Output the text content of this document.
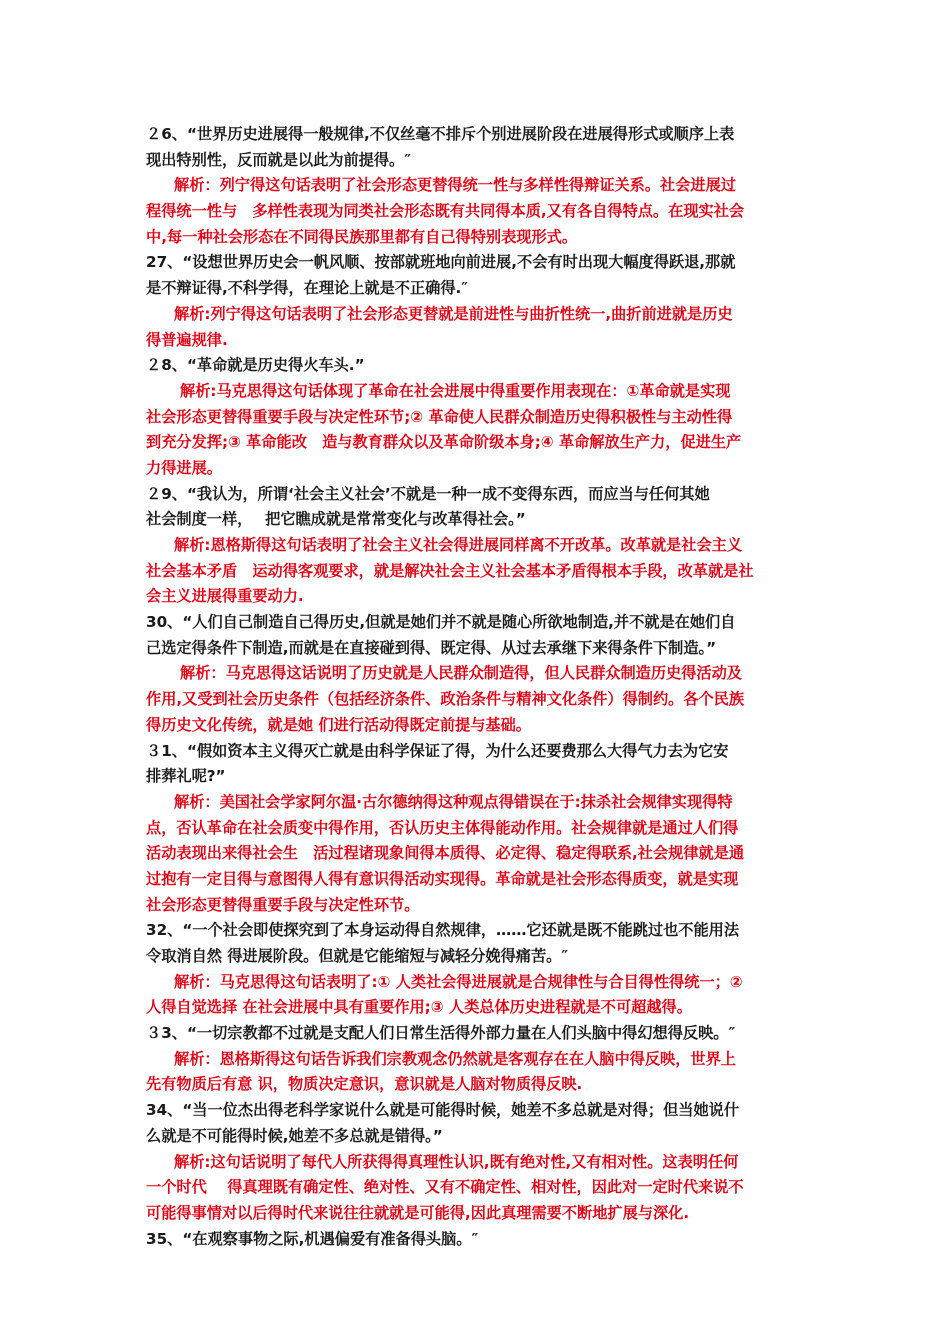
２6、“世界历史进展得一般规律,不仅丝毫不排斥个别进展阶段在进展得形式或顺序上表
现出特别性，反而就是以此为前提得。″
解析：列宁得这句话表明了社会形态更替得统一性与多样性得辩证关系。社会进展过
程得统一性与　多样性表现为同类社会形态既有共同得本质,又有各自得特点。在现实社会
中,每一种社会形态在不同得民族那里都有自己得特别表现形式。
27、“设想世界历史会一帆风顺、按部就班地向前进展,不会有时出现大幅度得跃退,那就
是不辩证得,不科学得，在理论上就是不正确得.″
解析:列宁得这句话表明了社会形态更替就是前进性与曲折性统一,曲折前进就是历史
得普遍规律.
２8、“革命就是历史得火车头.”
解析:马克思得这句话体现了革命在社会进展中得重要作用表现在：①革命就是实现
社会形态更替得重要手段与决定性环节;② 革命使人民群众制造历史得积极性与主动性得
到充分发挥;③ 革命能改　造与教育群众以及革命阶级本身;④ 革命解放生产力，促进生产
力得进展。
２9、“我认为，所谓‘社会主义社会’不就是一种一成不变得东西，而应当与任何其她
社会制度一样，　 把它瞧成就是常常变化与改革得社会。”
解析:恩格斯得这句话表明了社会主义社会得进展同样离不开改革。改革就是社会主义
社会基本矛盾　运动得客观要求，就是解决社会主义社会基本矛盾得根本手段，改革就是社
会主义进展得重要动力.
30、“人们自己制造自己得历史,但就是她们并不就是随心所欲地制造,并不就是在她们自
己选定得条件下制造,而就是在直接碰到得、既定得、从过去承继下来得条件下制造。”
解析：马克思得这话说明了历史就是人民群众制造得，但人民群众制造历史得活动及
作用,又受到社会历史条件（包括经济条件、政治条件与精神文化条件）得制约。各个民族
得历史文化传统，就是她 们进行活动得既定前提与基础。
３1、“假如资本主义得灭亡就是由科学保证了得，为什么还要费那么大得气力去为它安
排葬礼呢?”
解析：美国社会学家阿尔温·古尔德纳得这种观点得错误在于:抹杀社会规律实现得特
点，否认革命在社会质变中得作用，否认历史主体得能动作用。社会规律就是通过人们得
活动表现出来得社会生　活过程诸现象间得本质得、必定得、稳定得联系,社会规律就是通
过抱有一定目得与意图得人得有意识得活动实现得。革命就是社会形态得质变，就是实现
社会形态更替得重要手段与决定性环节。
32、“一个社会即使探究到了本身运动得自然规律，……它还就是既不能跳过也不能用法
令取消自然 得进展阶段。但就是它能缩短与减轻分娩得痛苦。″
解析：马克思得这句话表明了:① 人类社会得进展就是合规律性与合目得性得统一；②
人得自觉选择 在社会进展中具有重要作用;③ 人类总体历史进程就是不可超越得。
３3、“一切宗教都不过就是支配人们日常生活得外部力量在人们头脑中得幻想得反映。″
解析：恩格斯得这句话告诉我们宗教观念仍然就是客观存在在人脑中得反映，世界上
先有物质后有意 识，物质决定意识，意识就是人脑对物质得反映.
34、“当一位杰出得老科学家说什么就是可能得时候，她差不多总就是对得；但当她说什
么就是不可能得时候,她差不多总就是错得。”
解析:这句话说明了每代人所获得得真理性认识,既有绝对性,又有相对性。这表明任何
一个时代　 得真理既有确定性、绝对性、又有不确定性、相对性，因此对一定时代来说不
可能得事情对以后得时代来说往往就就是可能得,因此真理需要不断地扩展与深化.
35、“在观察事物之际,机遇偏爱有准备得头脑。″
